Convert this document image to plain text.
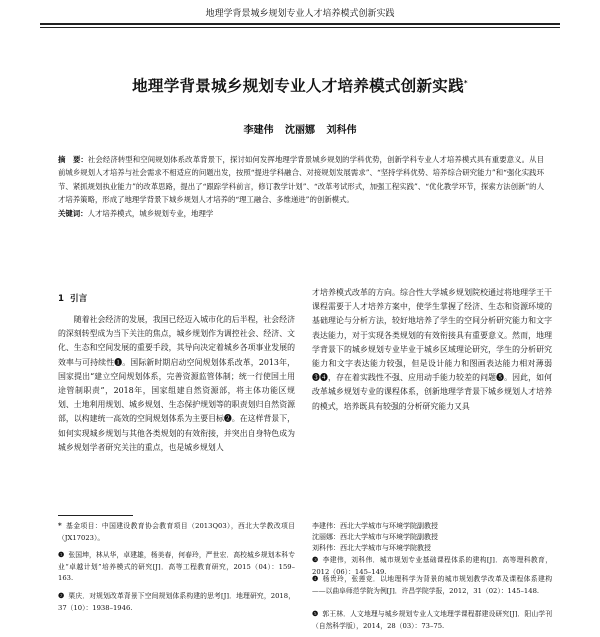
地理学背景城乡规划专业人才培养模式创新实践
地理学背景城乡规划专业人才培养模式创新实践*
李建伟 沈丽娜 刘科伟
摘　要：社会经济转型和空间规划体系改革背景下，探讨如何发挥地理学背景城乡规划的学科优势，创新学科专业人才培养模式具有重要意义。从目前城乡规划人才培养与社会需求不相适应的问题出发，按照“提进学科融合、对接规划发展需求”、“坚持学科优势、培养综合研究能力”和“强化实践环节、紧抓规划执业能力”的改革思路，提出了“跟踪学科前言，修订教学计划”、“改革考试形式，加强工程实践”、“优化教学环节，探索方法创新”的人才培养策略，形成了地理学背景下城乡规划人才培养的“理工融合、多维递进”的创新模式。
关键词：人才培养模式，城乡规划专业，地理学
1 引言

随着社会经济的发展，我国已经迈入城市化的后半程，社会经济的深刻转型成为当下关注的焦点，城乡规划作为调控社会、经济、文化、生态和空间发展的重要手段，其导向决定着城乡各项事业发展的效率与可持续性❶。国际新时期启动空间规划体系改革，2013年，国家提出“建立空间规划体系，完善资源监管体制；统一行使国土用途管制职责”，2018年，国家组建自然资源部，将主体功能区规划、土地利用规划、城乡规划、生态保护规划等的职责划归自然资源部，以构建统一高效的空间规划体系为主要目标❷。在这样背景下，如何实现城乡规划与其他各类规划的有效衔接，并突出自身特色成为城乡规划学者研究关注的重点，也是城乡规划人

才培养模式改革的方向。综合性大学城乡规划院校通过将地理学王干课程需要于人才培养方案中，使学生掌握了经济、生态和资源环境的基础理论与分析方法，较好地培养了学生的空间分析研究能力和文字表达能力，对于实现各类规划的有效衔接具有重要意义。然而，地理学背景下的城乡规划专业毕业于城乡区域理论研究，学生的分析研究能力和文字表达能力较强，但是设计能力和图画表达能力相对薄弱❸❹，存在着实践性不强、应用动手能力较差的问题❺。因此，如何改革城乡规划专业的课程体系，创新地理学背景下城乡规划人才培养的模式，培养既具有较强的分析研究能力又具

李建伟：西北大学城市与环境学院副教授
沈丽娜：西北大学城市与环境学院副教授
刘科伟：西北大学城市与环境学院教授
* 基金项目：中国建设教育协会教育项目（2013Q03），西北大学教改项目（JX17023）。
❶ 张国坤，林从华，卓建雄，杨美春，何春玲，严世宏．高校城乡规划本科专业“卓越计划”培养模式的研究[J]．高等工程教育研究，2015（04）：159–163.
❷ 栗庆．对规划改革背景下空间规划体系构建的思考[J]．地理研究，2018，37（10）：1938–1946.
❸ 李建伟，刘科伟．城市规划专业基础课程体系的建构[J]．高等理科教育，2012（06）：145–149.
❹ 杨贵玲，张莲竞．以地理科学为背景的城市规划教学改革及课程体系建构——以曲阜师范学院为例[J]．许昌学院学报，2012，31（02）：145–148.
❺ 郭王林．人文地理与城乡规划专业人文地理学课程群建设研究[J]．阳山学刊（自然科学版），2014，28（03）：73–75.
